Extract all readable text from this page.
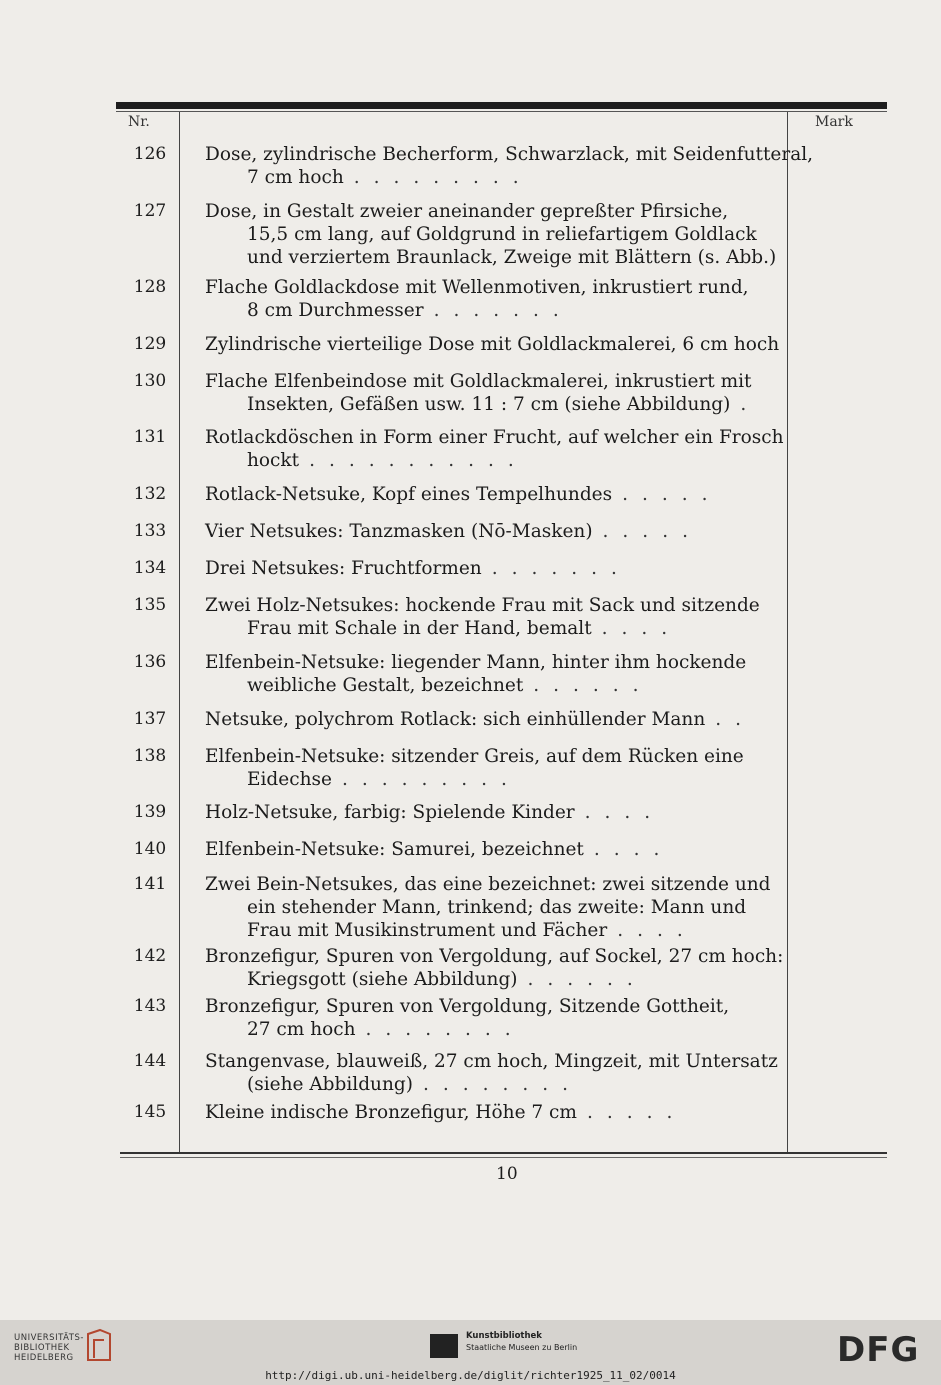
Nr.	Mark
126	Dose, zylindrische Becherform, Schwarzlack, mit Seidenfutteral,
7 cm hoch .........
127	Dose, in Gestalt zweier aneinander gepreßter Pfirsiche,
15,5 cm lang, auf Goldgrund in reliefartigem Goldlack
und verziertem Braunlack, Zweige mit Blättern (s. Abb.)
128	Flache Goldlackdose mit Wellenmotiven, inkrustiert rund,
8 cm Durchmesser .......
129	Zylindrische vierteilige Dose mit Goldlackmalerei, 6 cm hoch
130	Flache Elfenbeindose mit Goldlackmalerei, inkrustiert mit
Insekten, Gefäßen usw. 11 : 7 cm (siehe Abbildung) .
131	Rotlackdöschen in Form einer Frucht, auf welcher ein Frosch
hockt ...........
132	Rotlack-Netsuke, Kopf eines Tempelhundes .....
133	Vier Netsukes: Tanzmasken (Nō-Masken) .....
134	Drei Netsukes: Fruchtformen .......
135	Zwei Holz-Netsukes: hockende Frau mit Sack und sitzende
Frau mit Schale in der Hand, bemalt ....
136	Elfenbein-Netsuke: liegender Mann, hinter ihm hockende
weibliche Gestalt, bezeichnet ......
137	Netsuke, polychrom Rotlack: sich einhüllender Mann ..
138	Elfenbein-Netsuke: sitzender Greis, auf dem Rücken eine
Eidechse .........
139	Holz-Netsuke, farbig: Spielende Kinder ....
140	Elfenbein-Netsuke: Samurei, bezeichnet ....
141	Zwei Bein-Netsukes, das eine bezeichnet: zwei sitzende und
ein stehender Mann, trinkend; das zweite: Mann und
Frau mit Musikinstrument und Fächer ....
142	Bronzefigur, Spuren von Vergoldung, auf Sockel, 27 cm hoch:
Kriegsgott (siehe Abbildung) ......
143	Bronzefigur, Spuren von Vergoldung, Sitzende Gottheit,
27 cm hoch ........
144	Stangenvase, blauweiß, 27 cm hoch, Mingzeit, mit Untersatz
(siehe Abbildung) ........
145	Kleine indische Bronzefigur, Höhe 7 cm .....
10
UNIVERSITÄTS-
BIBLIOTHEK
HEIDELBERG
Kunstbibliothek
Staatliche Museen zu Berlin	DFG
http://digi.ub.uni-heidelberg.de/diglit/richter1925_11_02/0014
